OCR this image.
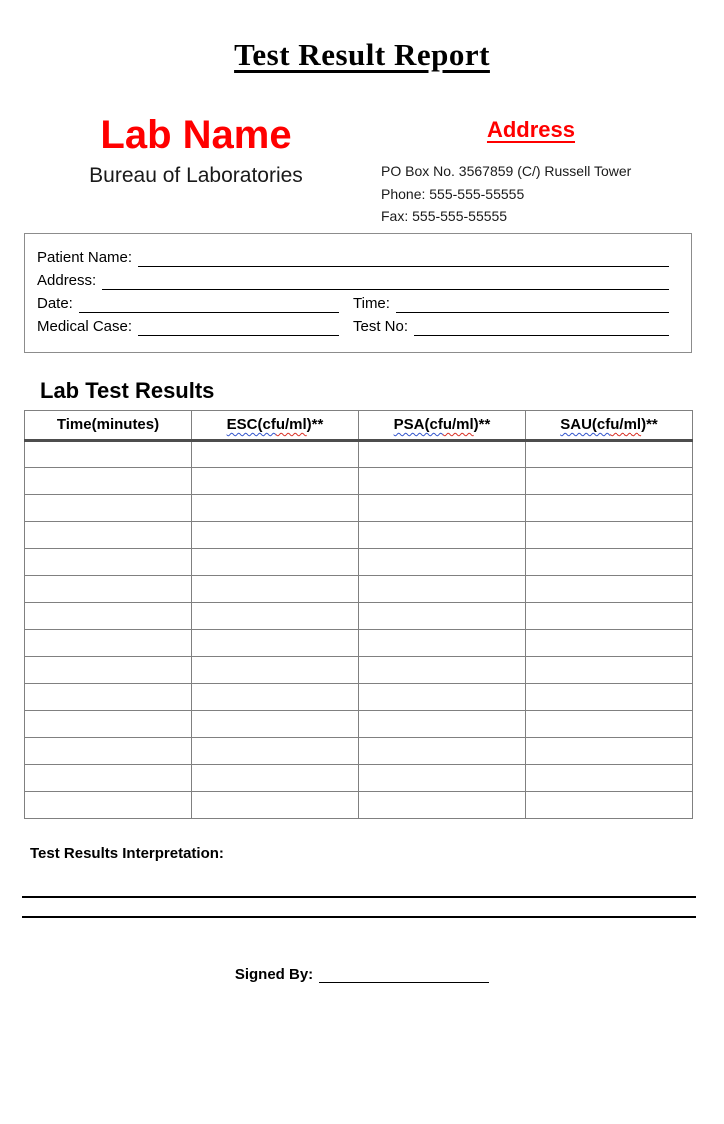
Test Result Report
Lab Name
Bureau of Laboratories
Address
PO Box No. 3567859 (C/) Russell Tower
Phone: 555-555-55555
Fax: 555-555-55555
Patient Name:
Address:
Date:	Time:
Medical Case:	Test No:
Lab Test Results
Time(minutes)	ESC(cfu/ml)**	PSA(cfu/ml)**	SAU(cfu/ml)**

Test Results Interpretation:
Signed By:
